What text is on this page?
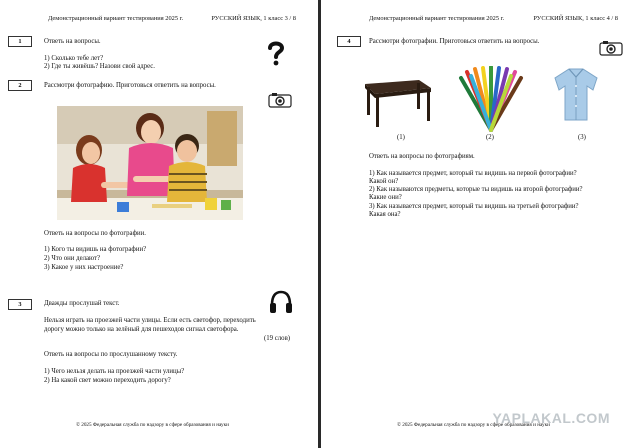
Демонстрационный вариант тестирования 2025 г.	РУССКИЙ ЯЗЫК, 1 класс 3 / 8
1	Ответь на вопросы.
1) Сколько тебе лет?
2) Где ты живёшь? Назови свой адрес.
2	Рассмотри фотографию. Приготовься ответить на вопросы.
Ответь на вопросы по фотографии.
1) Кого ты видишь на фотографии?
2) Что они делают?
3) Какое у них настроение?
3	Дважды прослушай текст.
Нельзя играть на проезжей части улицы. Если есть светофор, переходить
дорогу можно только на зелёный для пешеходов сигнал светофора.
(19 слов)
Ответь на вопросы по прослушанному тексту.
1) Чего нельзя делать на проезжей части улицы?
2) На какой свет можно переходить дорогу?
© 2025 Федеральная служба по надзору в сфере образования и науки
Демонстрационный вариант тестирования 2025 г.	РУССКИЙ ЯЗЫК, 1 класс 4 / 8
4	Рассмотри фотографии. Приготовься ответить на вопросы.
(1)	(2)	(3)
Ответь на вопросы по фотографиям.
1) Как называется предмет, который ты видишь на первой фотографии?
Какой он?
2) Как называются предметы, которые ты видишь на второй фотографии?
Какие они?
3) Как называется предмет, который ты видишь на третьей фотографии?
Какая она?
© 2025 Федеральная служба по надзору в сфере образования и науки
YAPLAKAL.COM
